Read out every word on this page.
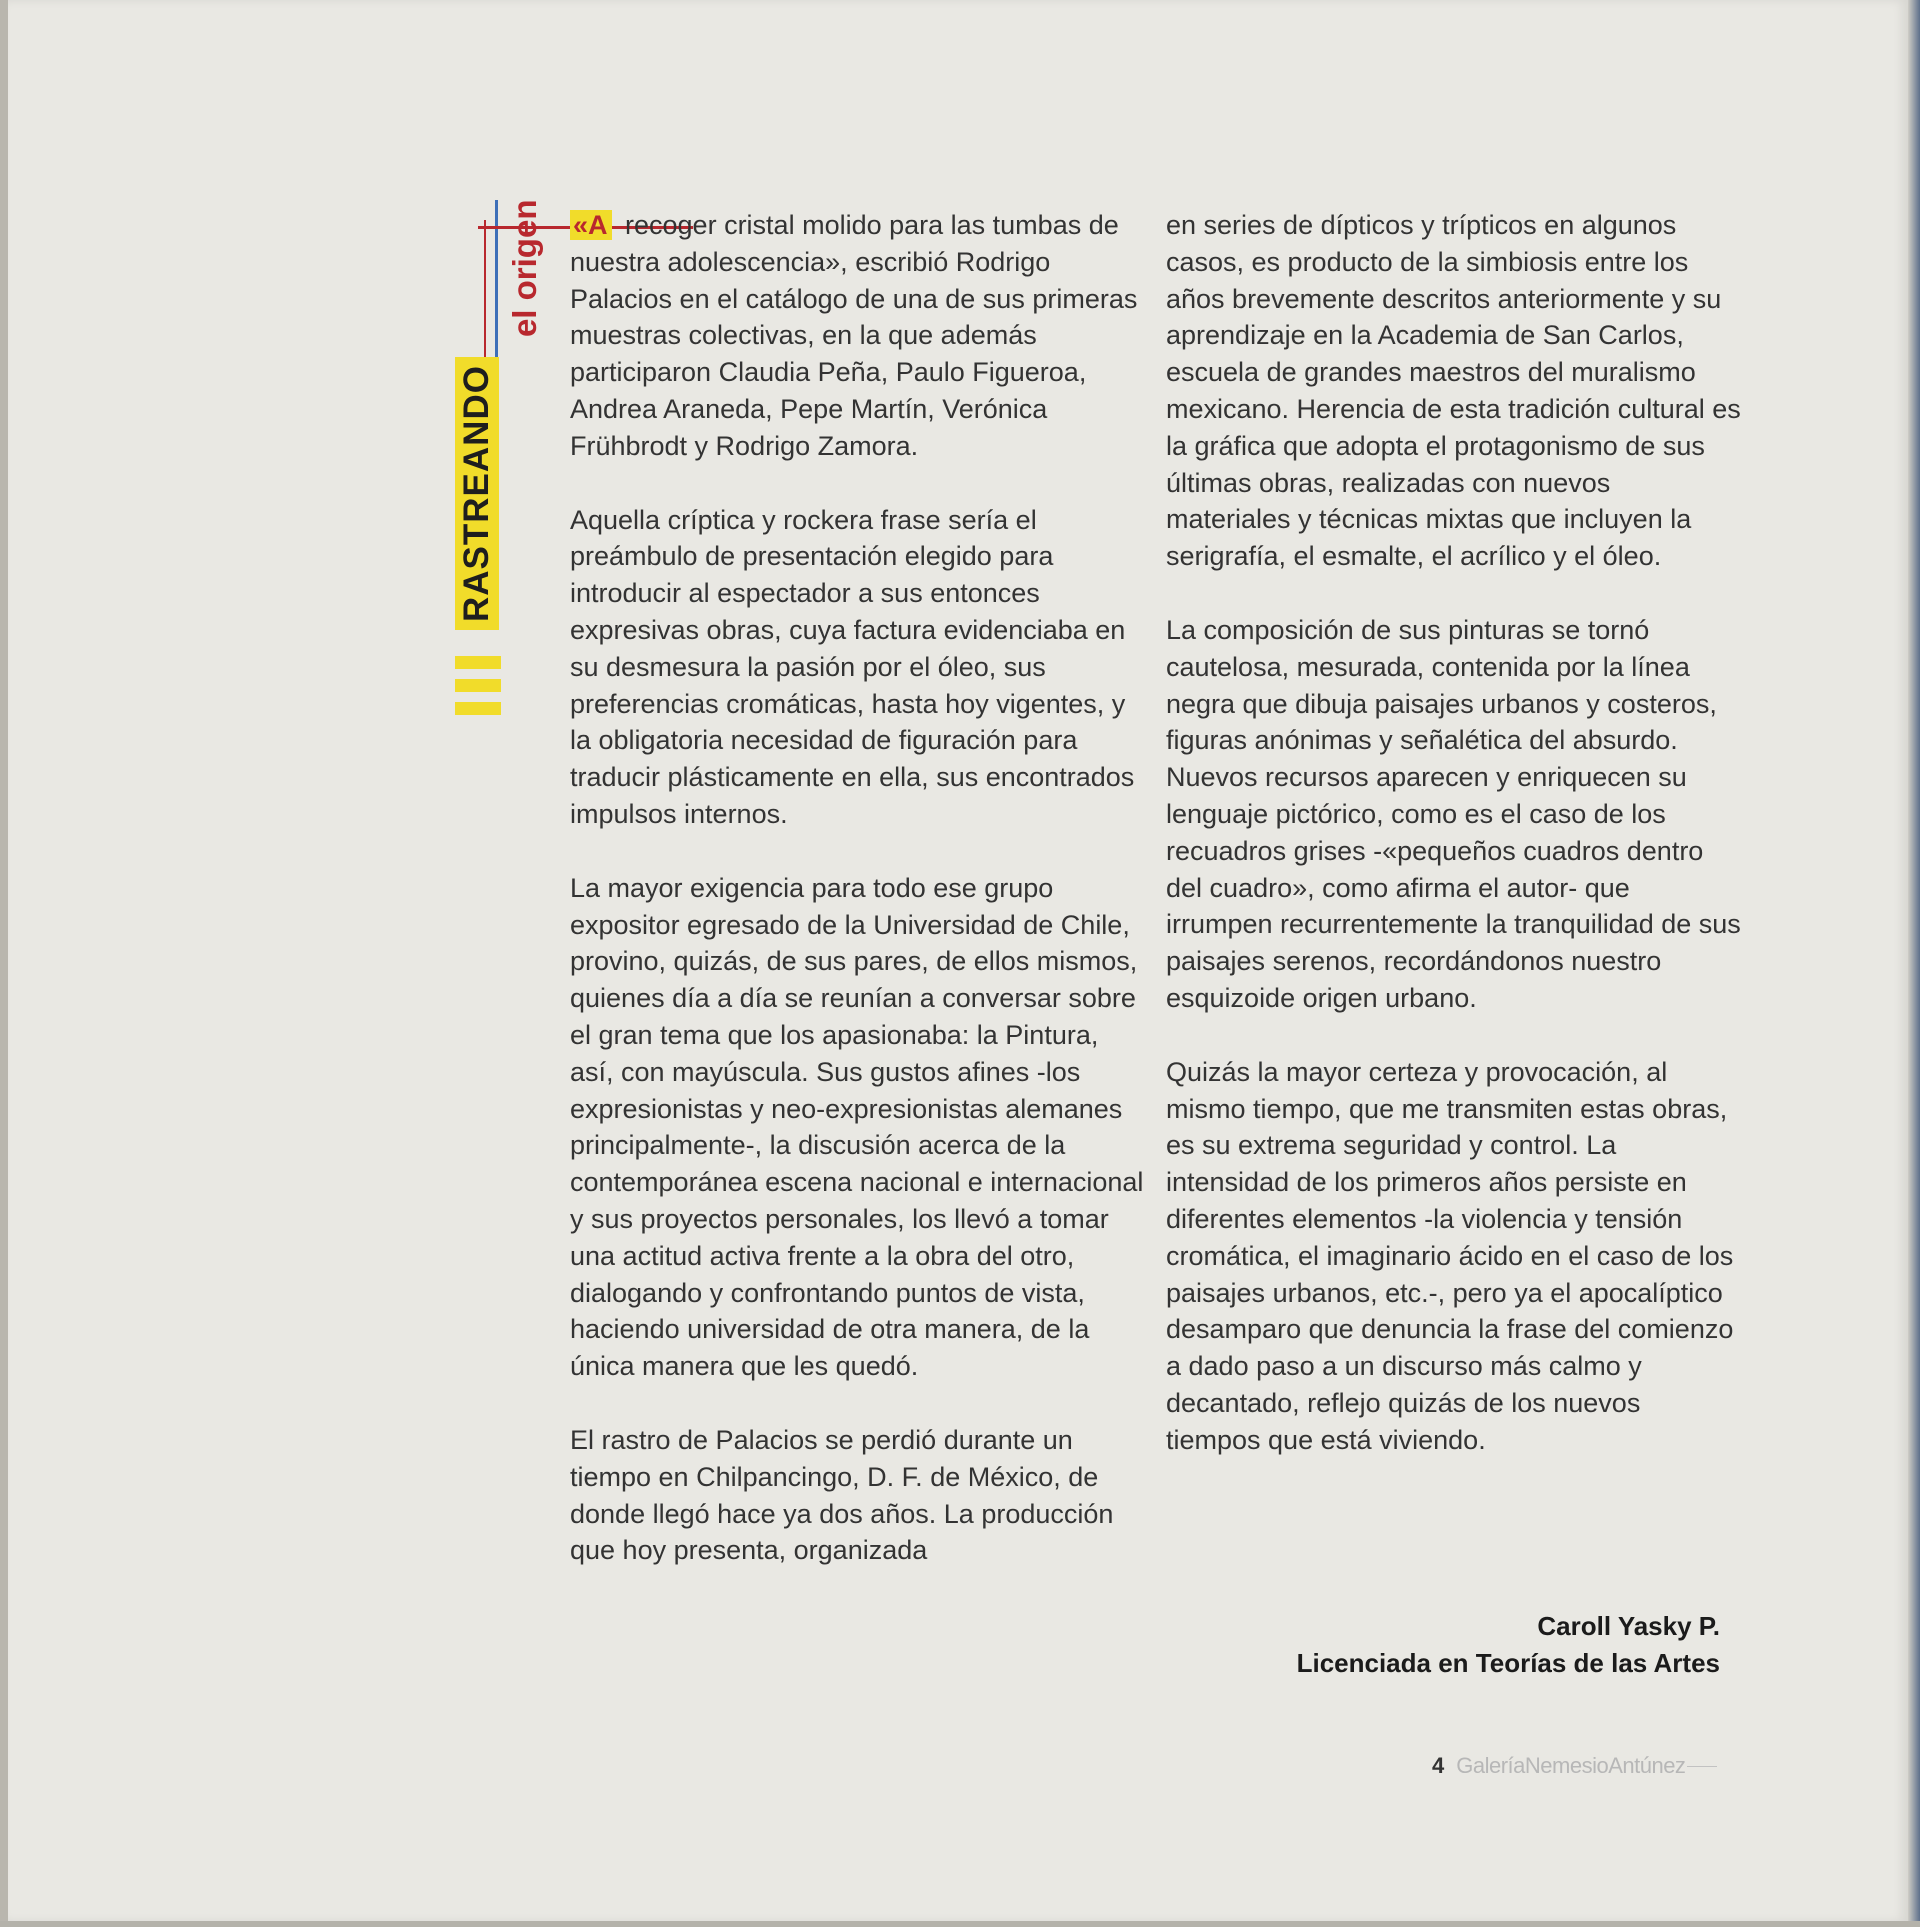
RASTREANDO
el origen «A recoger cristal molido para las tumbas de nuestra adolescencia», escribió Rodrigo Palacios en el catálogo de una de sus primeras muestras colectivas, en la que además participaron Claudia Peña, Paulo Figueroa, Andrea Araneda, Pepe Martín, Verónica Frühbrodt y Rodrigo Zamora.

Aquella críptica y rockera frase sería el preámbulo de presentación elegido para introducir al espectador a sus entonces expresivas obras, cuya factura evidenciaba en su desmesura la pasión por el óleo, sus preferencias cromáticas, hasta hoy vigentes, y la obligatoria necesidad de figuración para traducir plásticamente en ella, sus encontrados impulsos internos.

La mayor exigencia para todo ese grupo expositor egresado de la Universidad de Chile, provino, quizás, de sus pares, de ellos mismos, quienes día a día se reunían a conversar sobre el gran tema que los apasionaba: la Pintura, así, con mayúscula. Sus gustos afines -los expresionistas y neo-expresionistas alemanes principalmente-, la discusión acerca de la contemporánea escena nacional e internacional y sus proyectos personales, los llevó a tomar una actitud activa frente a la obra del otro, dialogando y confrontando puntos de vista, haciendo universidad de otra manera, de la única manera que les quedó.

El rastro de Palacios se perdió durante un tiempo en Chilpancingo, D. F. de México, de donde llegó hace ya dos años. La producción que hoy presenta, organizada

en series de dípticos y trípticos en algunos casos, es producto de la simbiosis entre los años brevemente descritos anteriormente y su aprendizaje en la Academia de San Carlos, escuela de grandes maestros del muralismo mexicano. Herencia de esta tradición cultural es la gráfica que adopta el protagonismo de sus últimas obras, realizadas con nuevos materiales y técnicas mixtas que incluyen la serigrafía, el esmalte, el acrílico y el óleo.

La composición de sus pinturas se tornó cautelosa, mesurada, contenida por la línea negra que dibuja paisajes urbanos y costeros, figuras anónimas y señalética del absurdo. Nuevos recursos aparecen y enriquecen su lenguaje pictórico, como es el caso de los recuadros grises -«pequeños cuadros dentro del cuadro», como afirma el autor- que irrumpen recurrentemente la tranquilidad de sus paisajes serenos, recordándonos nuestro esquizoide origen urbano.

Quizás la mayor certeza y provocación, al mismo tiempo, que me transmiten estas obras, es su extrema seguridad y control. La intensidad de los primeros años persiste en diferentes elementos -la violencia y tensión cromática, el imaginario ácido en el caso de los paisajes urbanos, etc.-, pero ya el apocalíptico desamparo que denuncia la frase del comienzo a dado paso a un discurso más calmo y decantado, reflejo quizás de los nuevos tiempos que está viviendo.

Caroll Yasky P.
Licenciada en Teorías de las Artes
4 GaleríaNemesioAntúnez
